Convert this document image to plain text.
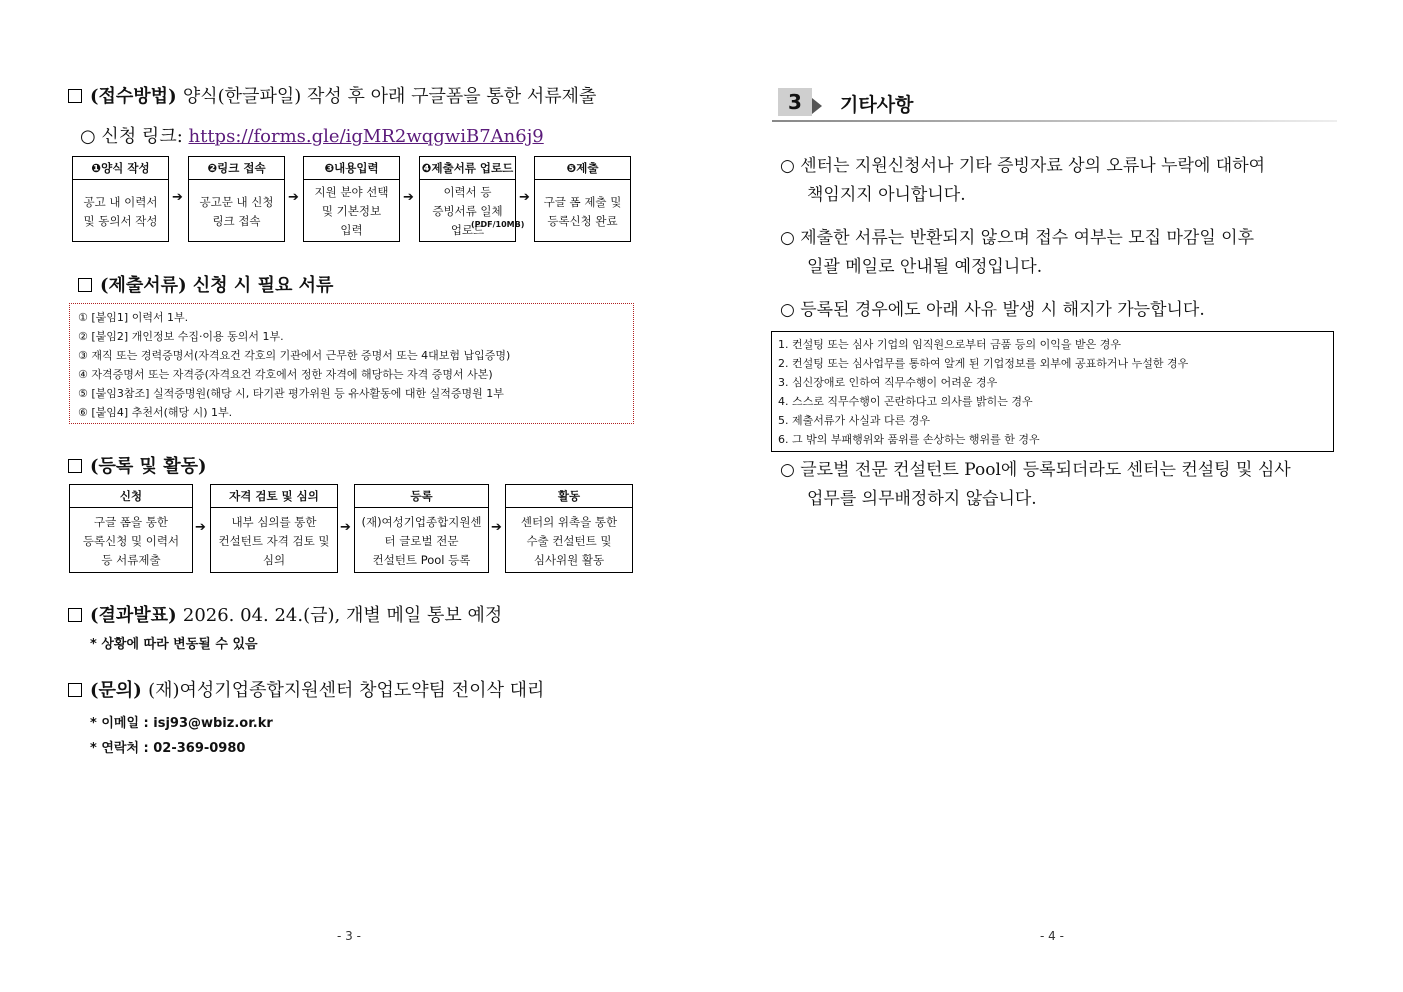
(접수방법) 양식(한글파일) 작성 후 아래 구글폼을 통한 서류제출
○ 신청 링크: https://forms.gle/igMR2wqgwiB7An6j9
❶양식 작성
공고 내 이력서
및 동의서 작성
➔
❷링크 접속
공고문 내 신청
링크 접속
➔
❸내용입력
지원 분야 선택
및 기본정보
입력
➔
❹제출서류 업로드
이력서 등
증빙서류 일체
업로드
(PDF/10MB)
➔
❺제출
구글 폼 제출 및
등록신청 완료
(제출서류) 신청 시 필요 서류
① [붙임1] 이력서 1부.
② [붙임2] 개인정보 수집·이용 동의서 1부.
③ 재직 또는 경력증명서(자격요건 각호의 기관에서 근무한 증명서 또는 4대보험 납입증명)
④ 자격증명서 또는 자격증(자격요건 각호에서 정한 자격에 해당하는 자격 증명서 사본)
⑤ [붙임3참조] 실적증명원(해당 시, 타기관 평가위원 등 유사활동에 대한 실적증명원 1부
⑥ [붙임4] 추천서(해당 시) 1부.
(등록 및 활동)
신청
구글 폼을 통한
등록신청 및 이력서
등 서류제출
➔
자격 검토 및 심의
내부 심의를 통한
컨설턴트 자격 검토 및
심의
➔
등록
(재)여성기업종합지원센
터 글로벌 전문
컨설턴트 Pool 등록
➔
활동
센터의 위촉을 통한
수출 컨설턴트 및
심사위원 활동
(결과발표) 2026. 04. 24.(금), 개별 메일 통보 예정
* 상황에 따라 변동될 수 있음
(문의) (재)여성기업종합지원센터 창업도약팀 전이삭 대리
* 이메일 : isj93@wbiz.or.kr
* 연락처 : 02-369-0980
- 3 -
3	기타사항
○ 센터는 지원신청서나 기타 증빙자료 상의 오류나 누락에 대하여
책임지지 아니합니다.
○ 제출한 서류는 반환되지 않으며 접수 여부는 모집 마감일 이후
일괄 메일로 안내될 예정입니다.
○ 등록된 경우에도 아래 사유 발생 시 해지가 가능합니다.
1. 컨설팅 또는 심사 기업의 임직원으로부터 금품 등의 이익을 받은 경우
2. 컨설팅 또는 심사업무를 통하여 알게 된 기업정보를 외부에 공표하거나 누설한 경우
3. 심신장애로 인하여 직무수행이 어려운 경우
4. 스스로 직무수행이 곤란하다고 의사를 밝히는 경우
5. 제출서류가 사실과 다른 경우
6. 그 밖의 부패행위와 품위를 손상하는 행위를 한 경우
○ 글로벌 전문 컨설턴트 Pool에 등록되더라도 센터는 컨설팅 및 심사
업무를 의무배정하지 않습니다.
- 4 -
